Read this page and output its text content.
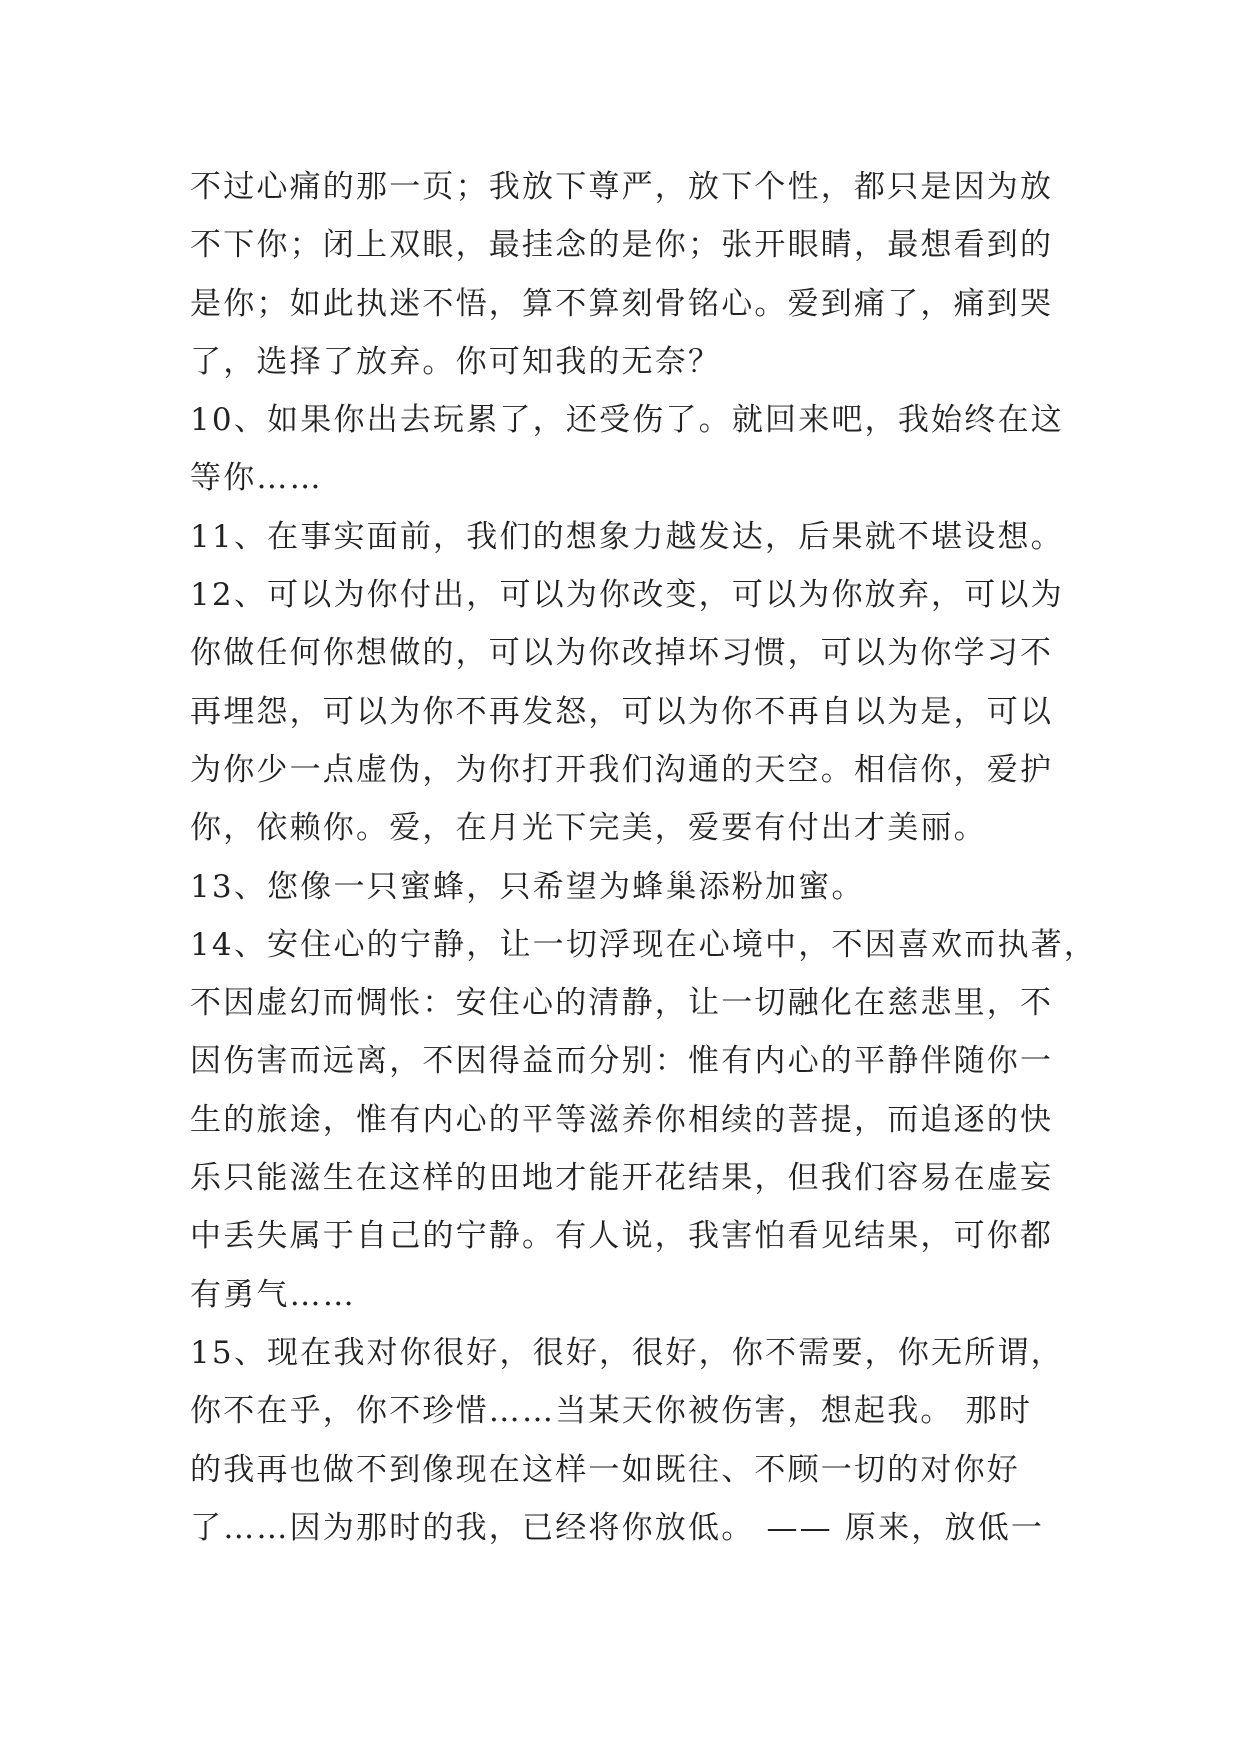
不过心痛的那一页；我放下尊严，放下个性，都只是因为放
不下你；闭上双眼，最挂念的是你；张开眼睛，最想看到的
是你；如此执迷不悟，算不算刻骨铭心。爱到痛了，痛到哭
了，选择了放弃。你可知我的无奈？
10、如果你出去玩累了，还受伤了。就回来吧，我始终在这
等你……
11、在事实面前，我们的想象力越发达，后果就不堪设想。
12、可以为你付出，可以为你改变，可以为你放弃，可以为
你做任何你想做的，可以为你改掉坏习惯，可以为你学习不
再埋怨，可以为你不再发怒，可以为你不再自以为是，可以
为你少一点虚伪，为你打开我们沟通的天空。相信你，爱护
你，依赖你。爱，在月光下完美，爱要有付出才美丽。
13、您像一只蜜蜂，只希望为蜂巢添粉加蜜。
14、安住心的宁静，让一切浮现在心境中，不因喜欢而执著，
不因虚幻而惆怅：安住心的清静，让一切融化在慈悲里，不
因伤害而远离，不因得益而分别：惟有内心的平静伴随你一
生的旅途，惟有内心的平等滋养你相续的菩提，而追逐的快
乐只能滋生在这样的田地才能开花结果，但我们容易在虚妄
中丢失属于自己的宁静。有人说，我害怕看见结果，可你都
有勇气……
15、现在我对你很好，很好，很好，你不需要，你无所谓，
你不在乎，你不珍惜……当某天你被伤害，想起我。 那时
的我再也做不到像现在这样一如既往、不顾一切的对你好
了……因为那时的我，已经将你放低。 —— 原来，放低一
